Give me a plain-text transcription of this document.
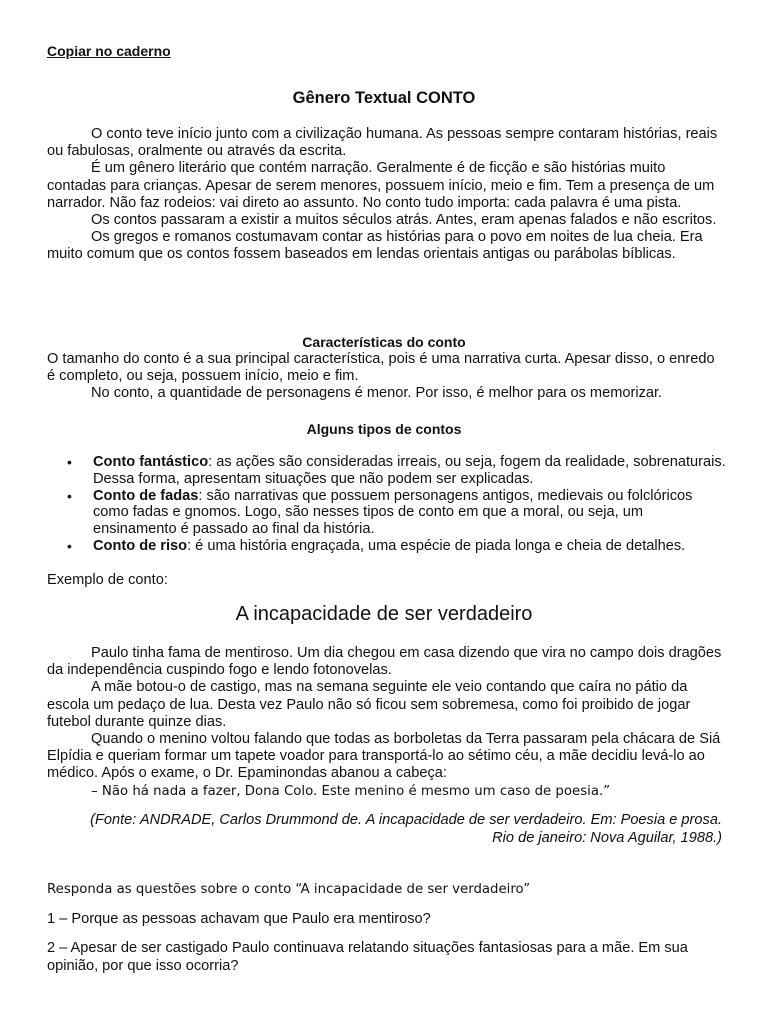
Copiar no caderno
Gênero Textual CONTO

O conto teve início junto com a civilização humana. As pessoas sempre contaram histórias, reais ou fabulosas, oralmente ou através da escrita.

É um gênero literário que contém narração. Geralmente é de ficção e são histórias muito contadas para crianças. Apesar de serem menores, possuem início, meio e fim. Tem a presença de um narrador. Não faz rodeios: vai direto ao assunto. No conto tudo importa: cada palavra é uma pista.

Os contos passaram a existir a muitos séculos atrás. Antes, eram apenas falados e não escritos.

Os gregos e romanos costumavam contar as histórias para o povo em noites de lua cheia. Era muito comum que os contos fossem baseados em lendas orientais antigas ou parábolas bíblicas.

Características do conto

O tamanho do conto é a sua principal característica, pois é uma narrativa curta. Apesar disso, o enredo é completo, ou seja, possuem início, meio e fim.

No conto, a quantidade de personagens é menor. Por isso, é melhor para os memorizar.

Alguns tipos de contos
• Conto fantástico: as ações são consideradas irreais, ou seja, fogem da realidade, sobrenaturais. Dessa forma, apresentam situações que não podem ser explicadas.
• Conto de fadas: são narrativas que possuem personagens antigos, medievais ou folclóricos como fadas e gnomos. Logo, são nesses tipos de conto em que a moral, ou seja, um ensinamento é passado ao final da história.
• Conto de riso: é uma história engraçada, uma espécie de piada longa e cheia de detalhes.
Exemplo de conto:
A incapacidade de ser verdadeiro

Paulo tinha fama de mentiroso. Um dia chegou em casa dizendo que vira no campo dois dragões da independência cuspindo fogo e lendo fotonovelas.

A mãe botou-o de castigo, mas na semana seguinte ele veio contando que caíra no pátio da escola um pedaço de lua. Desta vez Paulo não só ficou sem sobremesa, como foi proibido de jogar futebol durante quinze dias.

Quando o menino voltou falando que todas as borboletas da Terra passaram pela chácara de Siá Elpídia e queriam formar um tapete voador para transportá-lo ao sétimo céu, a mãe decidiu levá-lo ao médico. Após o exame, o Dr. Epaminondas abanou a cabeça:

– Não há nada a fazer, Dona Colo. Este menino é mesmo um caso de poesia.”

(Fonte: ANDRADE, Carlos Drummond de. A incapacidade de ser verdadeiro. Em: Poesia e prosa.
Rio de janeiro: Nova Aguilar, 1988.)
Responda as questões sobre o conto “A incapacidade de ser verdadeiro”
1 – Porque as pessoas achavam que Paulo era mentiroso?
2 – Apesar de ser castigado Paulo continuava relatando situações fantasiosas para a mãe. Em sua opinião, por que isso ocorria?
